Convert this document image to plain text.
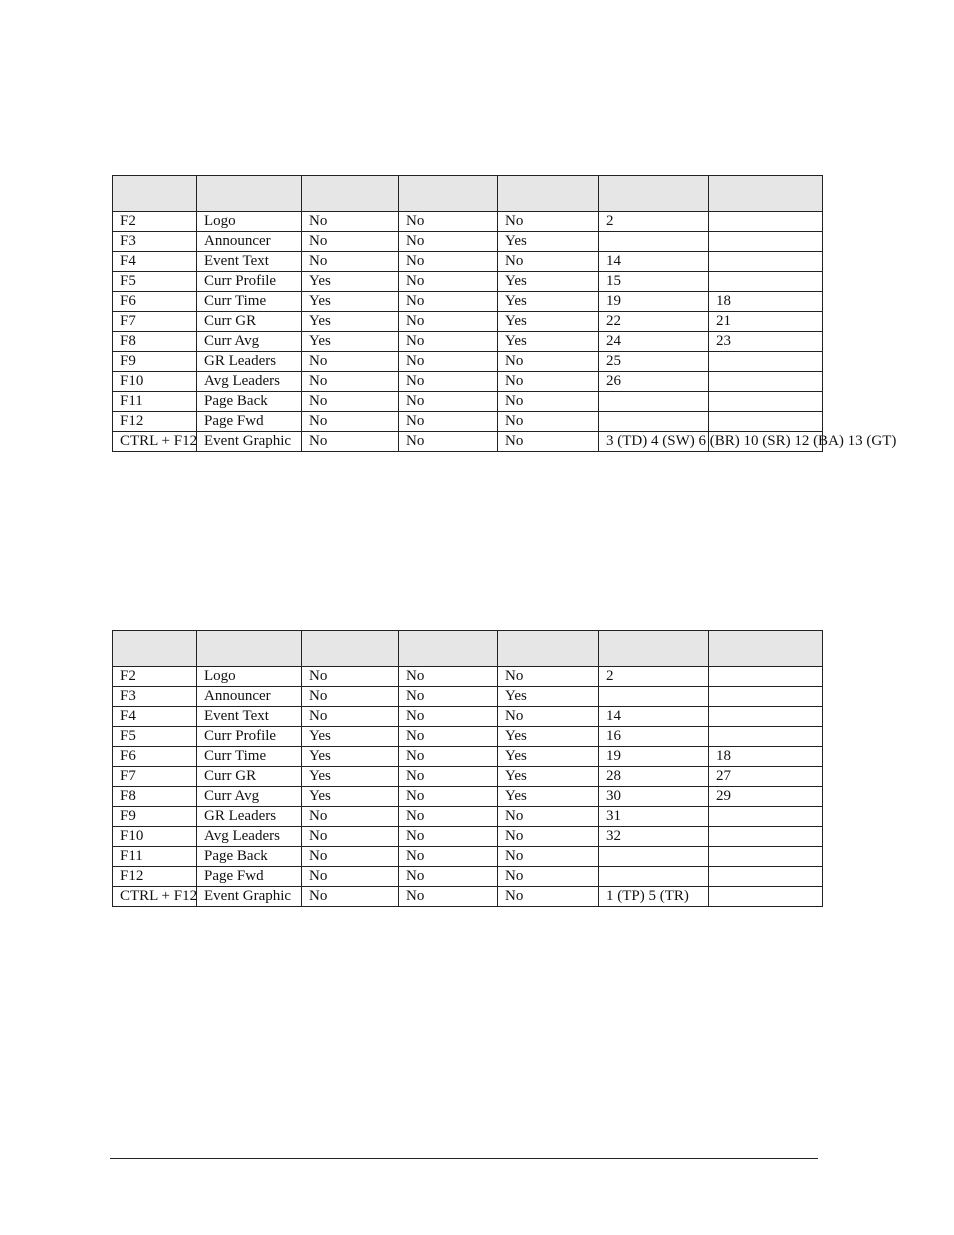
F2	Logo	No	No	No	2	
F3	Announcer	No	No	Yes		
F4	Event Text	No	No	No	14	
F5	Curr Profile	Yes	No	Yes	15	
F6	Curr Time	Yes	No	Yes	19	18
F7	Curr GR	Yes	No	Yes	22	21
F8	Curr Avg	Yes	No	Yes	24	23
F9	GR Leaders	No	No	No	25	
F10	Avg Leaders	No	No	No	26	
F11	Page Back	No	No	No		
F12	Page Fwd	No	No	No		
CTRL + F12	Event Graphic	No	No	No	3 (TD) 4 (SW) 6 (BR) 10 (SR) 12 (BA) 13 (GT)	

F2	Logo	No	No	No	2	
F3	Announcer	No	No	Yes		
F4	Event Text	No	No	No	14	
F5	Curr Profile	Yes	No	Yes	16	
F6	Curr Time	Yes	No	Yes	19	18
F7	Curr GR	Yes	No	Yes	28	27
F8	Curr Avg	Yes	No	Yes	30	29
F9	GR Leaders	No	No	No	31	
F10	Avg Leaders	No	No	No	32	
F11	Page Back	No	No	No		
F12	Page Fwd	No	No	No		
CTRL + F12	Event Graphic	No	No	No	1 (TP) 5 (TR)	
